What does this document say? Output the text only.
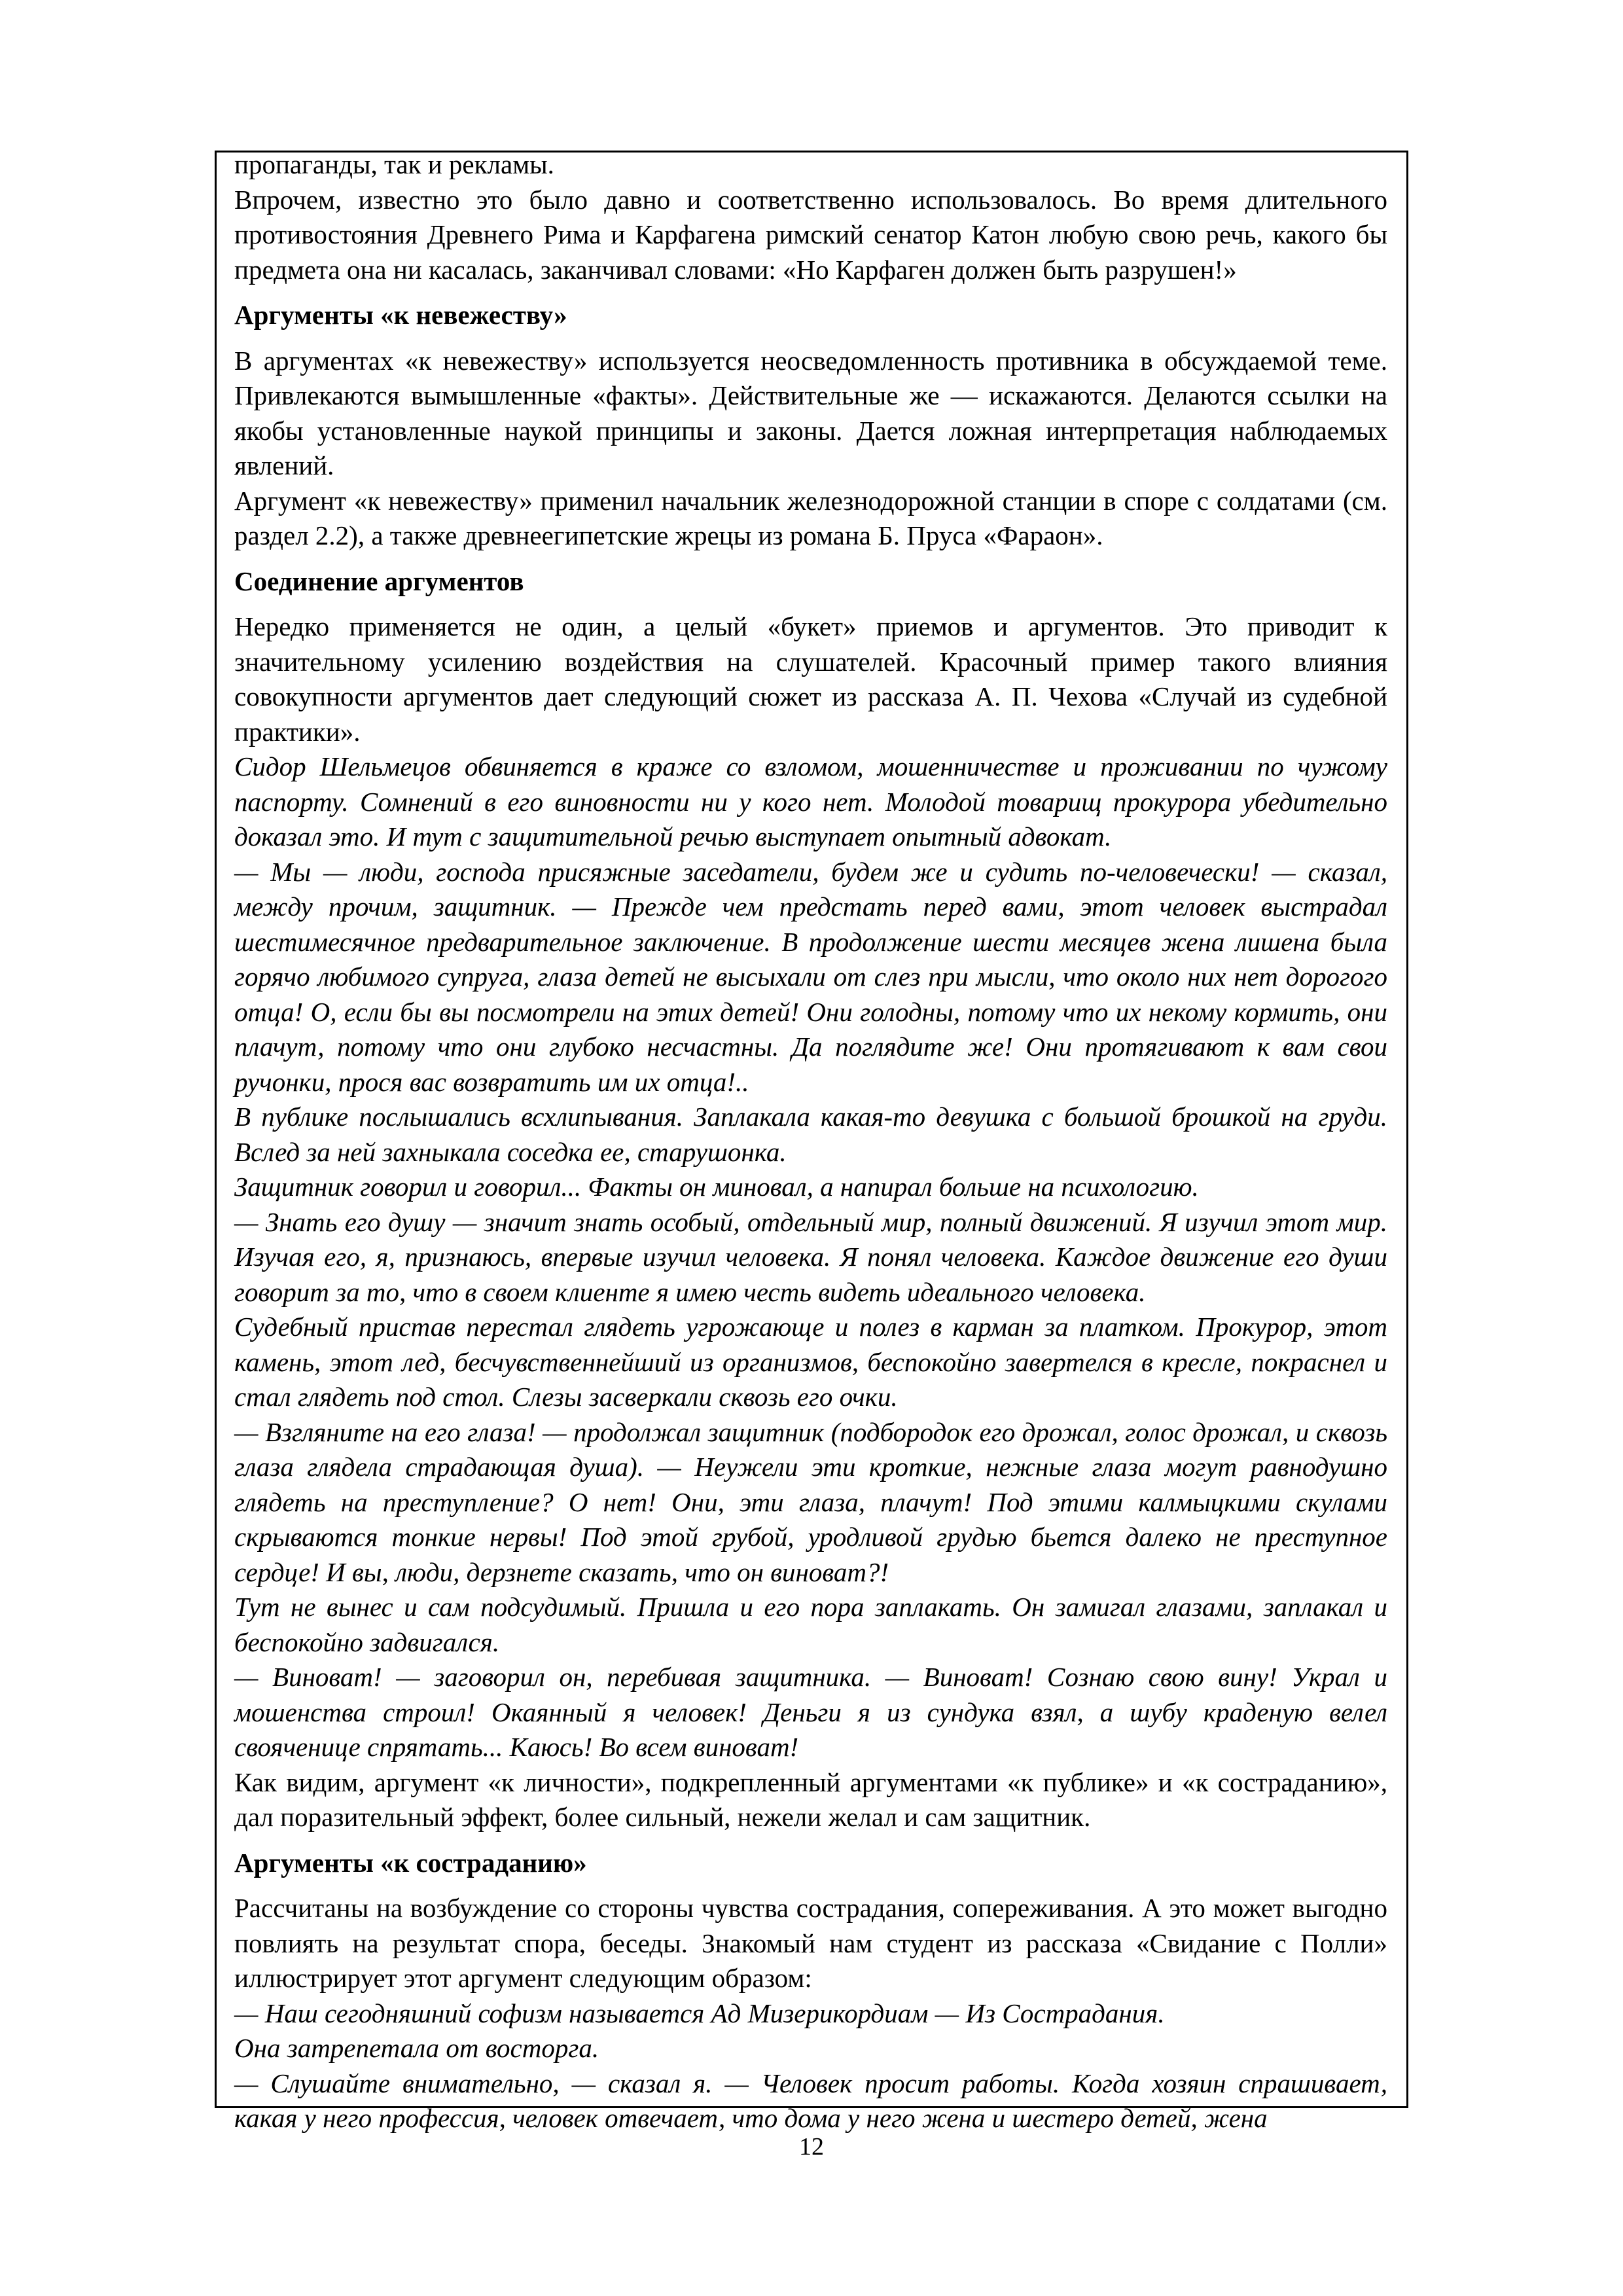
пропаганды, так и рекламы.

Впрочем, известно это было давно и соответственно использовалось. Во время длительного противостояния Древнего Рима и Карфагена римский сенатор Катон любую свою речь, какого бы предмета она ни касалась, заканчивал словами: «Но Карфаген должен быть разрушен!»

Аргументы «к невежеству»

В аргументах «к невежеству» используется неосведомленность противника в обсуждаемой теме. Привлекаются вымышленные «факты». Действительные же — искажаются. Делаются ссылки на якобы установленные наукой принципы и законы. Дается ложная интерпретация наблюдаемых явлений.

Аргумент «к невежеству» применил начальник железнодорожной станции в споре с солдатами (см. раздел 2.2), а также древнеегипетские жрецы из романа Б. Пруса «Фараон».

Соединение аргументов

Нередко применяется не один, а целый «букет» приемов и аргументов. Это приводит к значительному усилению воздействия на слушателей. Красочный пример такого влияния совокупности аргументов дает следующий сюжет из рассказа А. П. Чехова «Случай из судебной практики».

Сидор Шельмецов обвиняется в краже со взломом, мошенничестве и проживании по чужому паспорту. Сомнений в его виновности ни у кого нет. Молодой товарищ прокурора убедительно доказал это. И тут с защитительной речью выступает опытный адвокат.

— Мы — люди, господа присяжные заседатели, будем же и судить по-человечески! — сказал, между прочим, защитник. — Прежде чем предстать перед вами, этот человек выстрадал шестимесячное предварительное заключение. В продолжение шести месяцев жена лишена была горячо любимого супруга, глаза детей не высыхали от слез при мысли, что около них нет дорогого отца! О, если бы вы посмотрели на этих детей! Они голодны, потому что их некому кормить, они плачут, потому что они глубоко несчастны. Да поглядите же! Они протягивают к вам свои ручонки, прося вас возвратить им их отца!..

В публике послышались всхлипывания. Заплакала какая-то девушка с большой брошкой на груди. Вслед за ней захныкала соседка ее, старушонка.

Защитник говорил и говорил... Факты он миновал, а напирал больше на психологию.

— Знать его душу — значит знать особый, отдельный мир, полный движений. Я изучил этот мир. Изучая его, я, признаюсь, впервые изучил человека. Я понял человека. Каждое движение его души говорит за то, что в своем клиенте я имею честь видеть идеального человека.

Судебный пристав перестал глядеть угрожающе и полез в карман за платком. Прокурор, этот камень, этот лед, бесчувственнейший из организмов, беспокойно завертелся в кресле, покраснел и стал глядеть под стол. Слезы засверкали сквозь его очки.

— Взгляните на его глаза! — продолжал защитник (подбородок его дрожал, голос дрожал, и сквозь глаза глядела страдающая душа). — Неужели эти кроткие, нежные глаза могут равнодушно глядеть на преступление? О нет! Они, эти глаза, плачут! Под этими калмыцкими скулами скрываются тонкие нервы! Под этой грубой, уродливой грудью бьется далеко не преступное сердце! И вы, люди, дерзнете сказать, что он виноват?!

Тут не вынес и сам подсудимый. Пришла и его пора заплакать. Он замигал глазами, заплакал и беспокойно задвигался.

— Виноват! — заговорил он, перебивая защитника. — Виноват! Сознаю свою вину! Украл и мошенства строил! Окаянный я человек! Деньги я из сундука взял, а шубу краденую велел свояченице спрятать... Каюсь! Во всем виноват!

Как видим, аргумент «к личности», подкрепленный аргументами «к публике» и «к состраданию», дал поразительный эффект, более сильный, нежели желал и сам защитник.

Аргументы «к состраданию»

Рассчитаны на возбуждение со стороны чувства сострадания, сопереживания. А это может выгодно повлиять на результат спора, беседы. Знакомый нам студент из рассказа «Свидание с Полли» иллюстрирует этот аргумент следующим образом:

— Наш сегодняшний софизм называется Ад Мизерикордиам — Из Сострадания.

Она затрепетала от восторга.

— Слушайте внимательно, — сказал я. — Человек просит работы. Когда хозяин спрашивает, какая у него профессия, человек отвечает, что дома у него жена и шестеро детей, жена

12
